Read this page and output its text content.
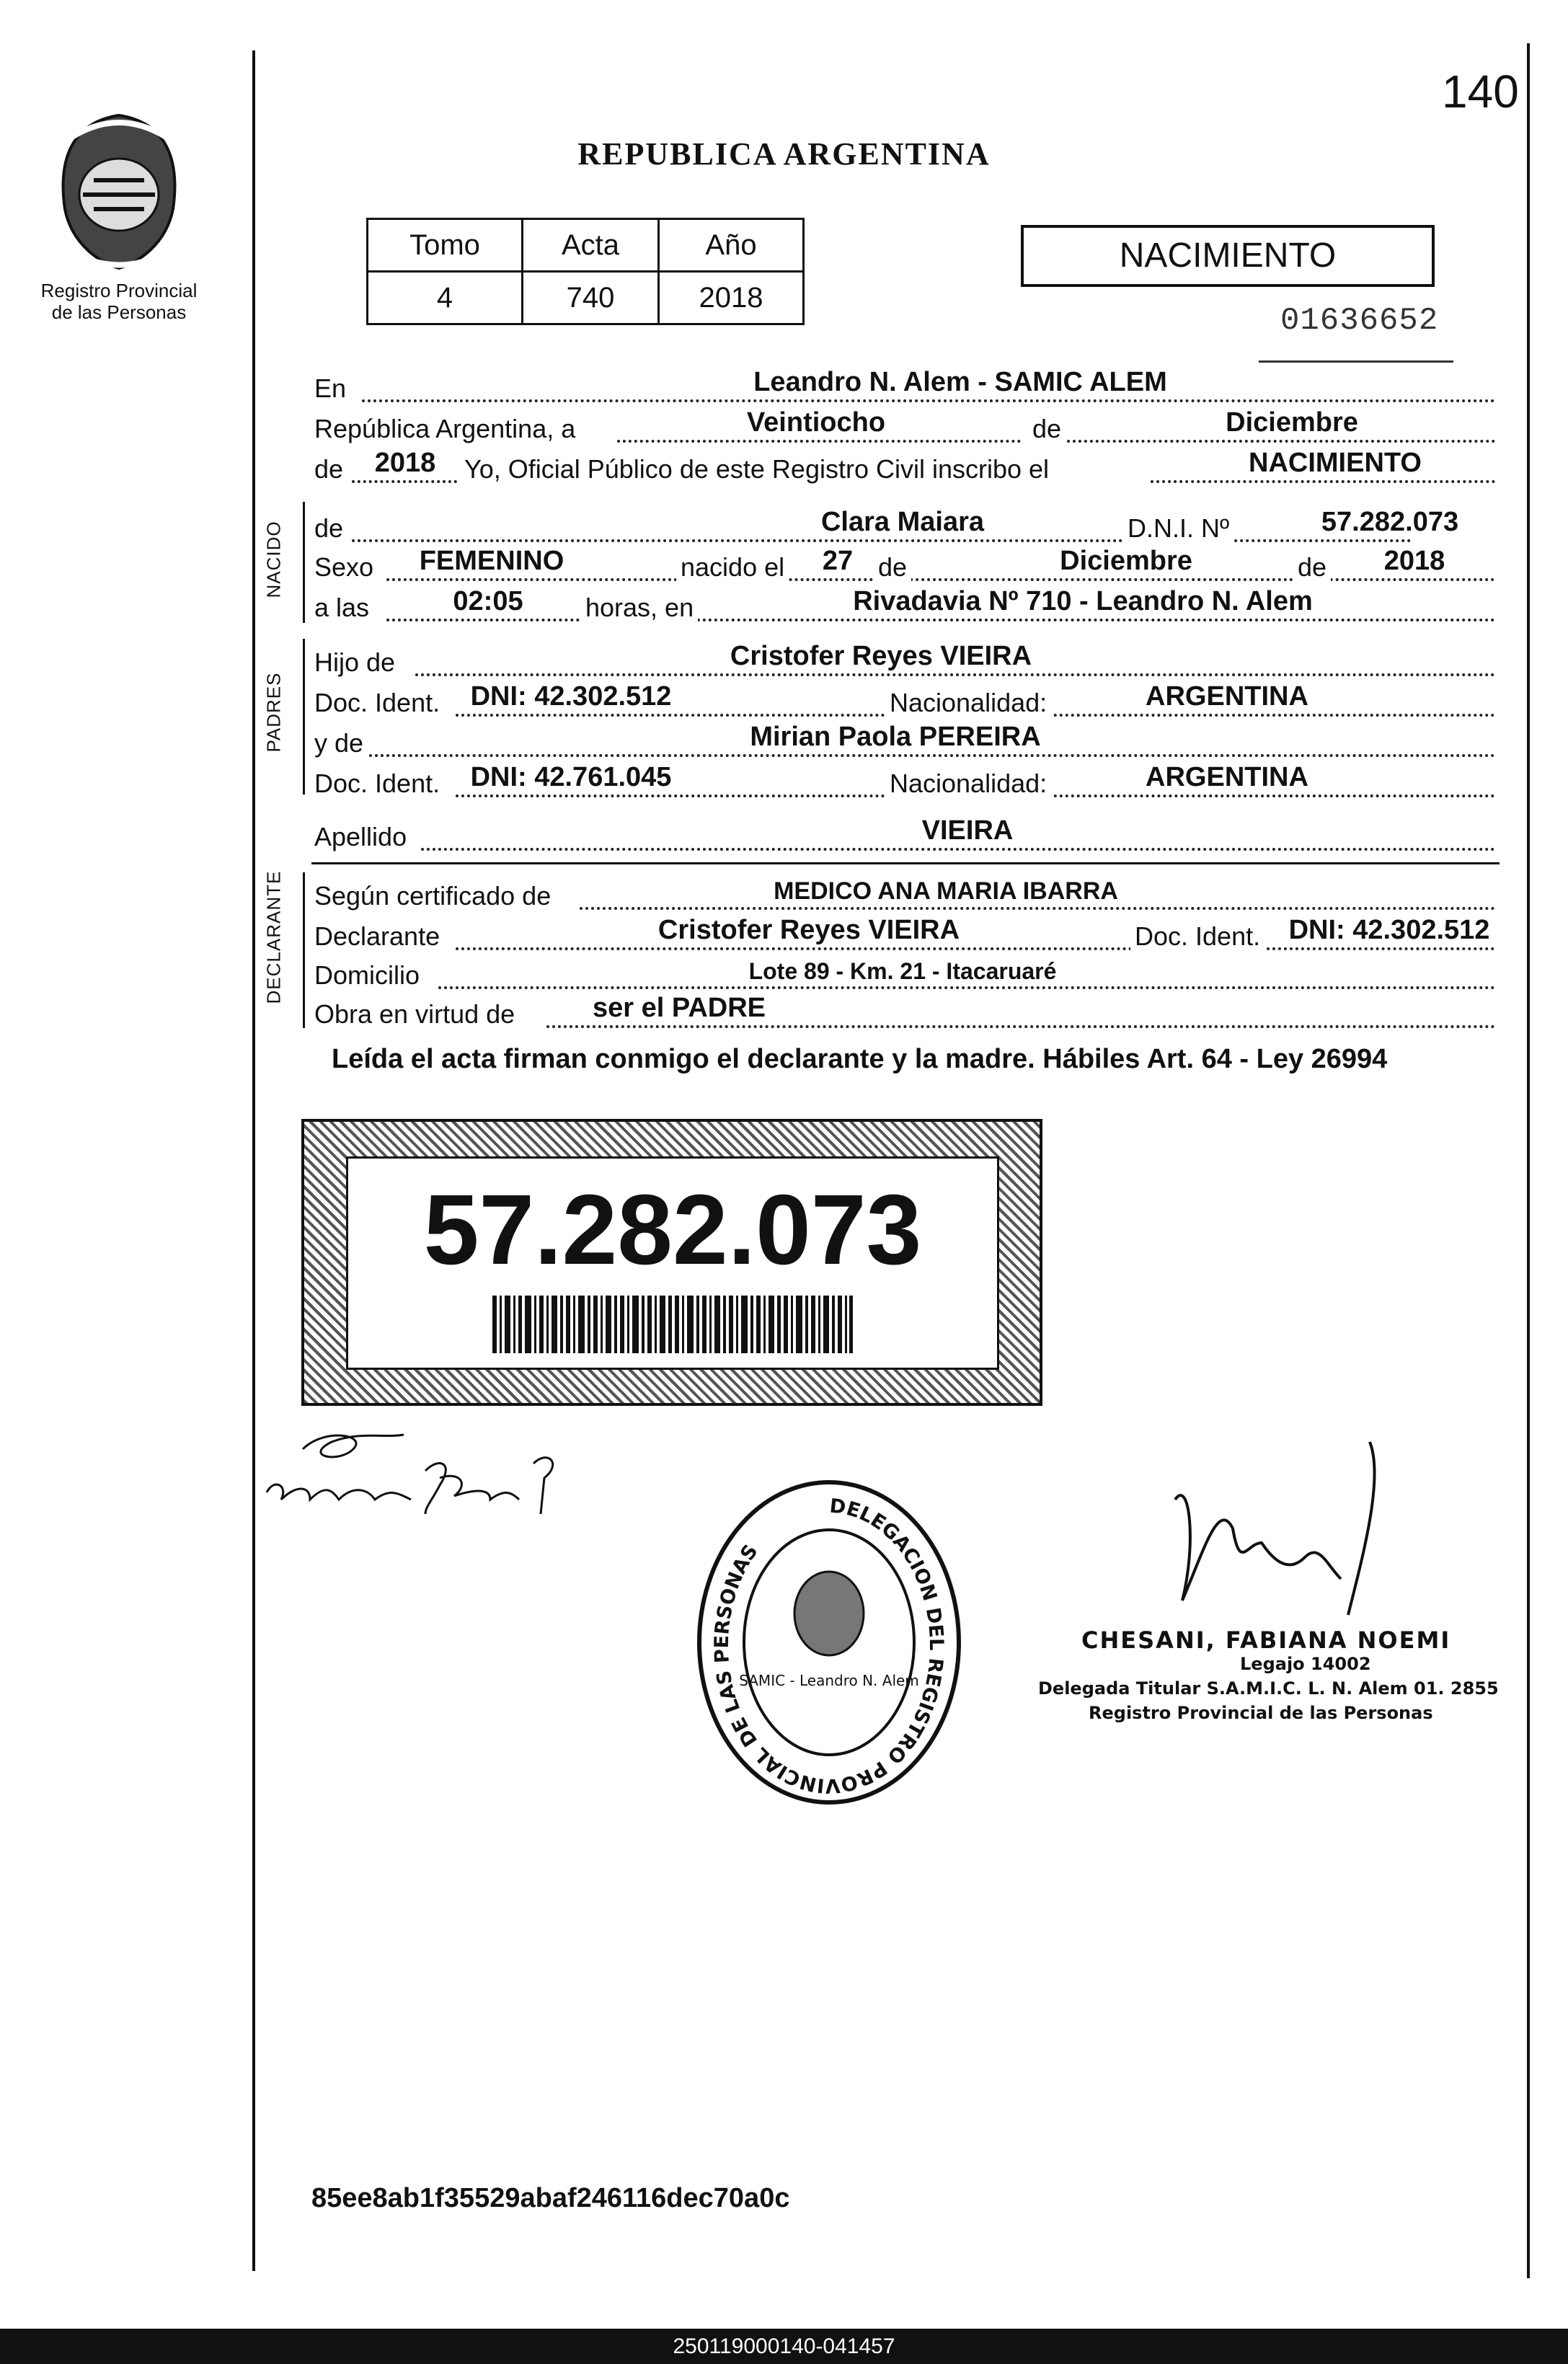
140
Registro Provincial
de las Personas
REPUBLICA ARGENTINA
Tomo	Acta	Año
4	740	2018
NACIMIENTO
01636652
En	Leandro N. Alem - SAMIC ALEM
República Argentina, a	Veintiocho	de	Diciembre
de	2018	Yo, Oficial Público de este Registro Civil inscribo el	NACIMIENTO
NACIDO
PADRES
DECLARANTE
de	Clara Maiara	D.N.I. Nº	57.282.073
Sexo	FEMENINO	nacido el	27 de	Diciembre	de	2018
a las	02:05	horas, en	Rivadavia Nº 710 - Leandro N. Alem
Hijo de	Cristofer Reyes VIEIRA
Doc. Ident.	DNI: 42.302.512	Nacionalidad:	ARGENTINA
y de	Mirian Paola PEREIRA
Doc. Ident.	DNI: 42.761.045	Nacionalidad:	ARGENTINA
Apellido	VIEIRA
Según certificado de	MEDICO ANA MARIA IBARRA
Declarante	Cristofer Reyes VIEIRA	Doc. Ident.	DNI: 42.302.512
Domicilio	Lote 89 - Km. 21 - Itacaruaré
Obra en virtud de	ser el PADRE
Leída el acta firman conmigo el declarante y la madre. Hábiles Art. 64 - Ley 26994
57.282.073
DELEGACION DEL REGISTRO PROVINCIAL DE LAS PERSONAS
SAMIC - Leandro N. Alem
CHESANI, FABIANA NOEMI
Legajo 14002
Delegada Titular S.A.M.I.C. L. N. Alem 01. 2855
Registro Provincial de las Personas
85ee8ab1f35529abaf246116dec70a0c
250119000140-041457
